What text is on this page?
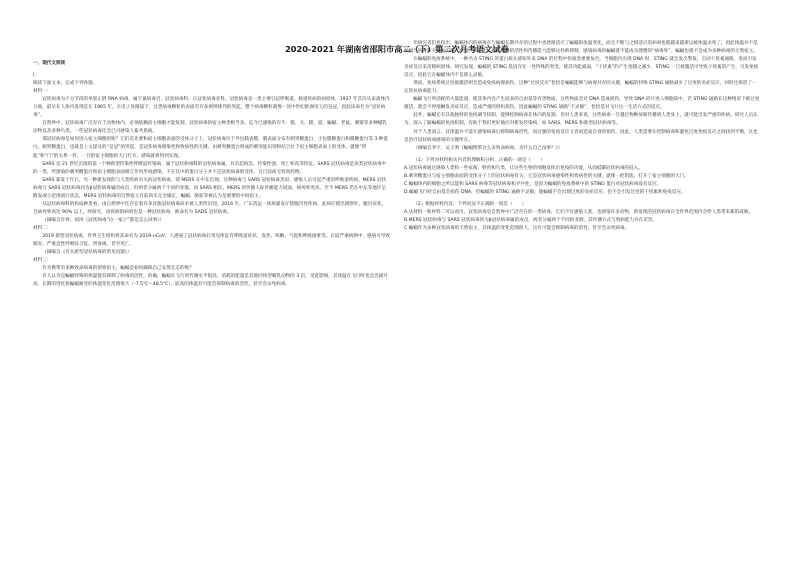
2020-2021 年湖南省邵阳市高二（下）第二次月考语文试卷

一、现代文阅读

I.

阅读下面文本，完成下列各题。

材料一：

冠状病毒为不分节段的单股正链 RNA 病毒，属于巢病毒目、冠状病毒科、正冠状病毒亚科。冠状病毒是一类主要引起呼吸道、肠道疾病的病原体，1937 年首次从家禽体内分离，最早在人体内发现是在 1965 年。在电子显微镜下，这类病毒颗粒的表面有许多规则排列的突起，整个病毒颗粒就像一顶中世纪欧洲帝王的皇冠，因此该命名为“冠状病毒”。

自然界中，冠状病毒广泛存在于动物体内，必须依赖宿主细胞才能复制，冠状病毒的宿主种类相当多。迄今已感染的有牛、猪、犬、猫、貂、蝙蝠、老鼠、刺猬等多种哺乳动物以及多种鸟类。一些冠状病毒还会已可感染人畜共患病。

那冠状病毒是如何进入宿主细胞的呢？它们首先要和宿主细胞表面的受体分子上，冠状病毒位于外包膜表膜，膜表面分布有刺突糖蛋白、小包膜糖蛋白和膜糖蛋白等 3 种蛋白。刺突糖蛋白，也就是上文提及的“皇冠”的突起，是冠状病毒感染性和致病性的关键。由刺突糖蛋白组成的刺突能识别和结合位于宿主细胞表面上的受体，就像“钥匙”和“门”的关系一样，一旦把宿主细胞的大门打开，感染就将得到实现。

SARS 是 21 世纪出现的第一个种新型传染性呼吸道传染病，属于冠状病毒科的冠状病毒属，具有起病急、传染性强、死亡率高等特征。SARS 冠状病毒是该类冠状病毒中的一类，所感染的刺突糖蛋白和宿主细胞表面相互作用形成感染，不在其中的蛋白分子并不是冠状病毒的受体，且目前尚无特效药物。

SARS 暴发十年后，另一种新发现的与人类疾病有关的冠状病毒，即 MERS 在中东出现。这种病毒与 SARS 冠状病毒类似，感染人后引起严重的呼吸道疾病。MERS 冠状病毒与 SARS 冠状病毒同为β冠状病毒属的成员，但两者分属两个不同的亚群，同 SARS 相比，MERS 的传播人际传播能力较弱，病死率更高，至今 MERS 仍在中东等地区呈散发或小范围流行状态，MERS 冠状病毒的自然宿主目前尚未完全确定，蝙蝠、骆驼等被认为是重要的中间宿主。

从冠状病毒科的构成种类看，由自然界中还存在着许多其他冠状病毒尚未被人类所识别，2016 年，广东清远一场场暴发仔猪腹泻性疾病，此病仔猪出现呕吐、腹泻症状，且病死率高达 90% 以上，经研究，该疾病的病原也是一种冠状病毒，被命名为 SADS 冠状病毒。

（摘编自许铎、胡涛《冠状病毒“这一家子”都是怎么回事》）

材料二：

2019 新型冠状病毒，世界卫生组织将其命名为 2019-nCoV。人感染了冠状病毒后常见体征有呼吸道症状、发热、咳嗽、气促和呼吸困难等。在较严重病例中，感染可导致肺炎、严重急性呼吸综合征、肾衰竭，甚至死亡。

（摘编自《有关新型冠状病毒的常见问题》）

材料三：

作为携带有多种致命病毒的原始宿主，蝙蝠是如何确保自己安然无恙的呢？

有人认为是蝙蝠特殊的体温使其抑制了病毒的活性，的确，蝙蝠在飞行时代谢水平很高，消耗的能量是其他同体型哺乳动物的 3 倍，受此影响，其体温在飞行时也会急剧升高，长期的进化使蝙蝠耐受的体温变化范围很大（-7.5℃～48.5℃），较高的体温有可能会抑制病毒的活性，甚至会杀死病毒。

但研究者们也指出，蝙蝠体内的病毒在与蝙蝠长期共存的过程中也逐渐适应了蝙蝠的体温变化，而且不断与之相适应的病毒也就越来越难以被体温杀死了，因此体温并不是蝙蝠与病毒和平共处的唯一原因，事实上，如果病毒的活性和传播能力能够这样被抑制，感染病毒的蝙蝠就不能成为理想的“病毒库”，蝙蝠也就不会成为多种病毒的天然宿主。

在蝙蝠的免疫系统中，一种名为 STING 的蛋白质在感知外来 DNA 的过程中扮演着重要角色，当细胞内出现 DNA 时，STING 就会发出警报，启动干扰素通路，进而引发炎症反应来清除病原体。研究发现，蝙蝠的 STING 基因存在一处特殊的突变，使其功能减弱，“干扰素”的产生也随之减少，STING 一旦被激活可导致干扰素的产生，引发免疫反应，因此它在蝙蝠体内不是那么灵敏。

然而，免疫系统过度被激活则会造成免疫病理损伤，这种“过度反应”恰恰是蝙蝠能够与病毒共存的关键，蝙蝠的特殊 STING 通路减少了过度的炎症反应，同时还保留了一定的抗病毒能力。

蝙蝠飞行所消耗的大量能量，使其体内会产生较多的自由基等有害物质，这些物质会对 DNA 造成损伤，导致 DNA 碎片进入细胞质中，若 STING 通路在这种情况下被过度激活，就会不停地触发炎症反应，造成严重的组织损伤，因此蝙蝠的 STING 通路“不灵敏”，恰恰是对飞行这一生活方式的适应。

此外，蝙蝠还有其他独特的免疫调节机制，能够控制病毒在体内的复制，但对人类来说，这些病毒一旦越过物种屏障传播到人类身上，就可能引发严重的疾病。研究人员认为，深入了解蝙蝠的免疫机制，有助于我们更好地应对新发传染病，如 SARS、MERS 和新型冠状病毒等。

对于人类而言，其体温并不能在感染病毒后抑制病毒活性，而过强的免疫反应又容易造成自身的损伤，因此，人类需要在控制病毒和避免过度免疫反应之间找到平衡，这也是治疗冠状病毒感染的关键所在。

（摘编自李宇，吴王明《蝙蝠携带这么多致命病毒，为什么自己没事？》）

（1）下列对材料相关内容的理解和分析，正确的一项是（　　）

A.冠状病毒通过感染人类和一些家畜、野兽和鸟类，让这些生物的细胞发挥出免疫的功能，从而抵御冠状病毒的侵入。

B.刺突糖蛋白与宿主细胞表面的受体分子上的冠状病毒有关，它是冠状病毒感染性和致病性的关键，就像一把钥匙，打开了宿主细胞的大门。

C.蝙蝠体内的细胞之所以能和 SARS 病毒等冠状病毒和平共处，是因为蝙蝠的免疫系统中的 STING 蛋白对冠状病毒没有反应。

D.蝙蝠飞行时自由基会损伤 DNA，但蝙蝠的 STING 通路不灵敏，使蝙蝠不会出现过度的炎症反应，也不会引发过度的干扰素和免疫反应。

（2）根据材料内容，下列说法不正确的一项是（　　）

A.从材料一和材料二可以看出，冠状病毒是自然界中广泛存在的一类病毒，它们不仅感染人类，也感染许多动物，新发现的冠状病毒在全世界范围内会给人类带来新的威胁。

B.MERS 冠状病毒与 SARS 冠状病毒同为β冠状病毒属的成员，两者分属两个不同的亚群，其传播方式与致病能力存在差异。

C.蝙蝠作为多种冠状病毒的天然宿主，其体温的变化范围很大，这有可能会抑制病毒的活性，甚至会杀死病毒。
